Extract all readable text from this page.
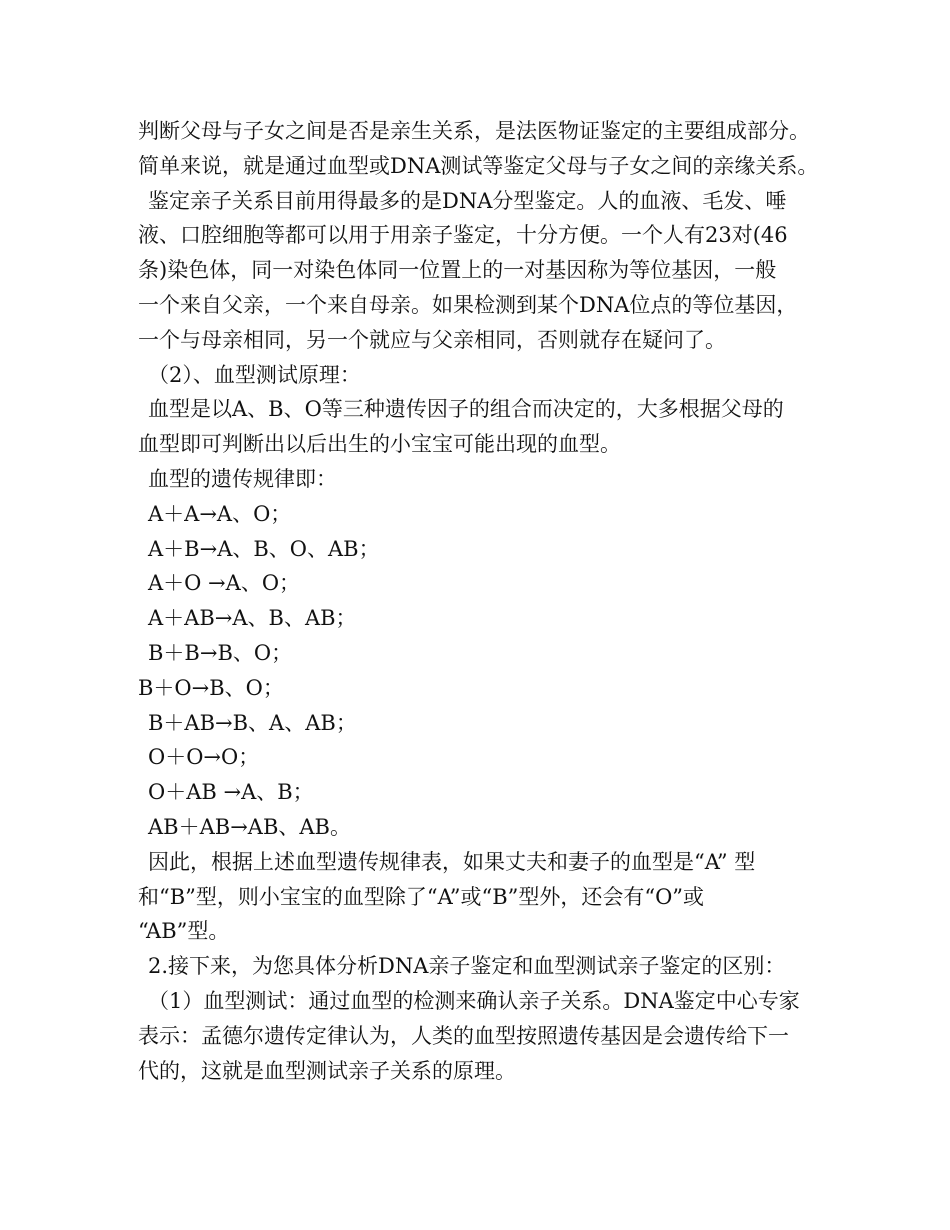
判断父母与子女之间是否是亲生关系，是法医物证鉴定的主要组成部分。
简单来说，就是通过血型或DNA测试等鉴定父母与子女之间的亲缘关系。
鉴定亲子关系目前用得最多的是DNA分型鉴定。人的血液、毛发、唾
液、口腔细胞等都可以用于用亲子鉴定，十分方便。一个人有23对(46
条)染色体，同一对染色体同一位置上的一对基因称为等位基因，一般
一个来自父亲，一个来自母亲。如果检测到某个DNA位点的等位基因，
一个与母亲相同，另一个就应与父亲相同，否则就存在疑问了。
（2）、血型测试原理：
血型是以A、B、O等三种遗传因子的组合而决定的，大多根据父母的
血型即可判断出以后出生的小宝宝可能出现的血型。
血型的遗传规律即：
A＋A→A、O；
A＋B→A、B、O、AB；
A＋O →A、O；
A＋AB→A、B、AB；
B＋B→B、O；
B＋O→B、O；
B＋AB→B、A、AB；
O＋O→O；
O＋AB →A、B；
AB＋AB→AB、AB。
因此，根据上述血型遗传规律表，如果丈夫和妻子的血型是“A” 型
和“B”型，则小宝宝的血型除了“A”或“B”型外，还会有“O”或
“AB”型。
2.接下来，为您具体分析DNA亲子鉴定和血型测试亲子鉴定的区别：
（1）血型测试：通过血型的检测来确认亲子关系。DNA鉴定中心专家
表示：孟德尔遗传定律认为，人类的血型按照遗传基因是会遗传给下一
代的，这就是血型测试亲子关系的原理。
